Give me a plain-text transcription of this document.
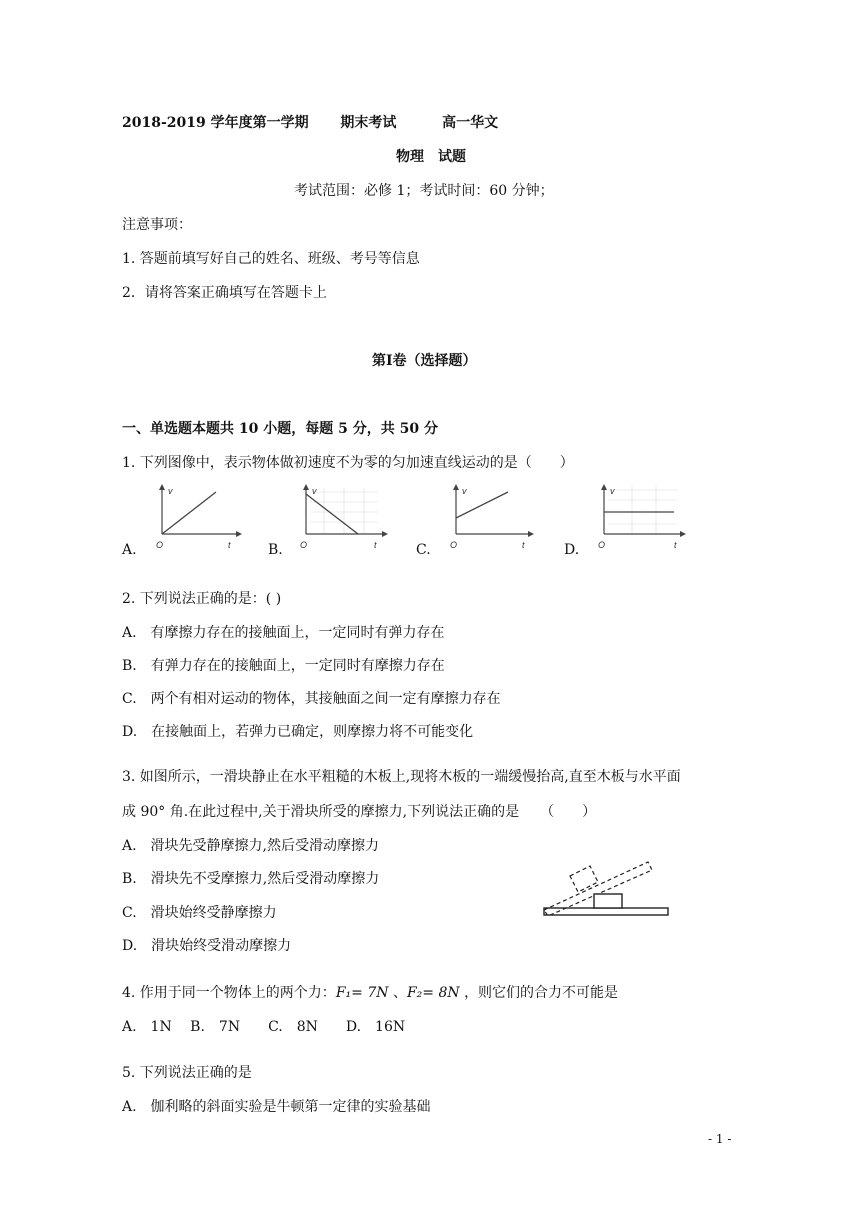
2018-2019 学年度第一学期 期末考试	高一华文
物理　试题
考试范围：必修 1；考试时间：60 分钟；
注意事项：
1. 答题前填写好自己的姓名、班级、考号等信息
2．请将答案正确填写在答题卡上
第Ⅰ卷（选择题）
一、单选题本题共 10 小题，每题 5 分，共 50 分
1. 下列图像中，表示物体做初速度不为零的匀加速直线运动的是（　　）
A.	B.	C.	D.
v
t
O
v
t
O
v
t
O
v
t
O
2. 下列说法正确的是：( )
A.　有摩擦力存在的接触面上，一定同时有弹力存在
B.　有弹力存在的接触面上，一定同时有摩擦力存在
C.　两个有相对运动的物体，其接触面之间一定有摩擦力存在
D.　在接触面上，若弹力已确定，则摩擦力将不可能变化
3. 如图所示，一滑块静止在水平粗糙的木板上,现将木板的一端缓慢抬高,直至木板与水平面
成 90° 角.在此过程中,关于滑块所受的摩擦力,下列说法正确的是　　（　　）
A.　滑块先受静摩擦力,然后受滑动摩擦力
B.　滑块先不受摩擦力,然后受滑动摩擦力
C.　滑块始终受静摩擦力
D.　滑块始终受滑动摩擦力
4. 作用于同一个物体上的两个力：F₁= 7N 、F₂= 8N ，则它们的合力不可能是
A.　1N　 B.　7N　　C.　8N　　D.　16N
5. 下列说法正确的是
A.　伽利略的斜面实验是牛顿第一定律的实验基础
- 1 -
